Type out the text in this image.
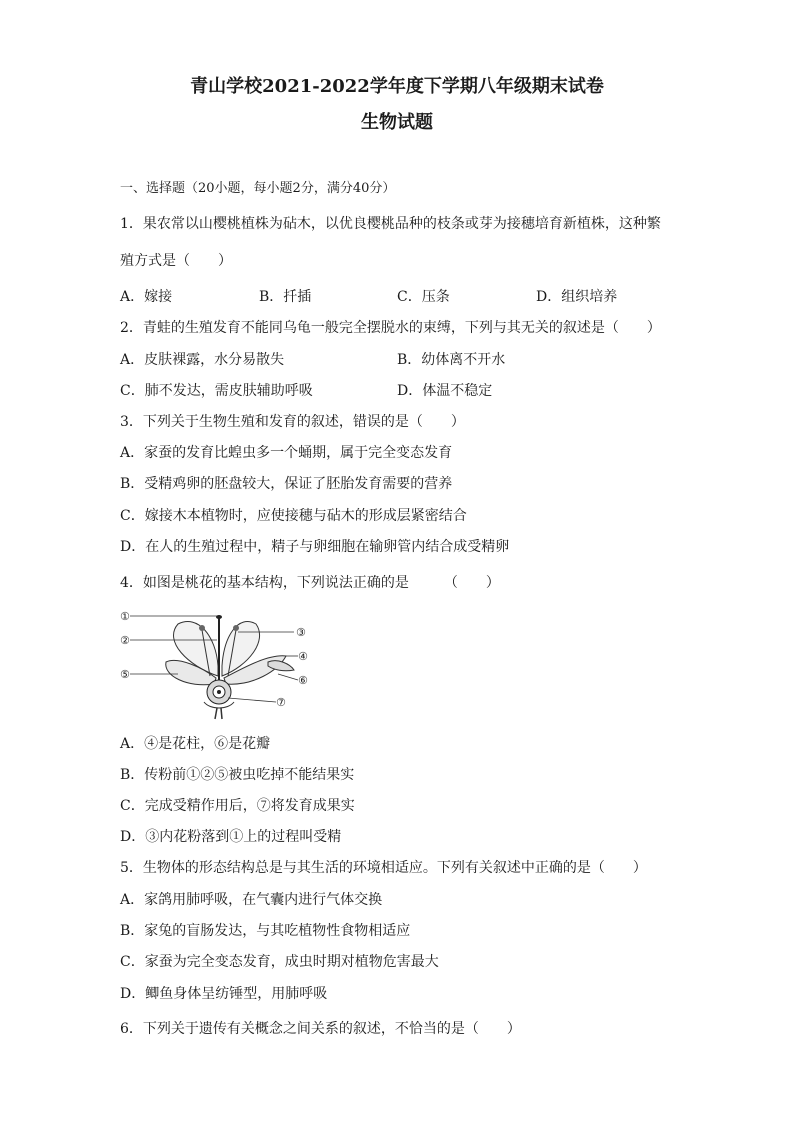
青山学校2021-2022学年度下学期八年级期末试卷
生物试题
一、选择题（20小题，每小题2分，满分40分）
1．果农常以山樱桃植株为砧木，以优良樱桃品种的枝条或芽为接穗培育新植株，这种繁
殖方式是（　　）
A．嫁接	B．扦插	C．压条	D．组织培养
2．青蛙的生殖发育不能同乌龟一般完全摆脱水的束缚，下列与其无关的叙述是（　　）
A．皮肤裸露，水分易散失	B．幼体离不开水
C．肺不发达，需皮肤辅助呼吸	D．体温不稳定
3．下列关于生物生殖和发育的叙述，错误的是（　　）
A．家蚕的发育比蝗虫多一个蛹期，属于完全变态发育
B．受精鸡卵的胚盘较大，保证了胚胎发育需要的营养
C．嫁接木本植物时，应使接穗与砧木的形成层紧密结合
D．在人的生殖过程中，精子与卵细胞在输卵管内结合成受精卵
4．如图是桃花的基本结构，下列说法正确的是　　　（　　）
①
②
③
④
⑤	⑥
⑦
A．④是花柱，⑥是花瓣
B．传粉前①②⑤被虫吃掉不能结果实
C．完成受精作用后，⑦将发育成果实
D．③内花粉落到①上的过程叫受精
5．生物体的形态结构总是与其生活的环境相适应。下列有关叙述中正确的是（　　）
A．家鸽用肺呼吸，在气囊内进行气体交换
B．家兔的盲肠发达，与其吃植物性食物相适应
C．家蚕为完全变态发育，成虫时期对植物危害最大
D．鲫鱼身体呈纺锤型，用肺呼吸
6．下列关于遗传有关概念之间关系的叙述，不恰当的是（　　）
